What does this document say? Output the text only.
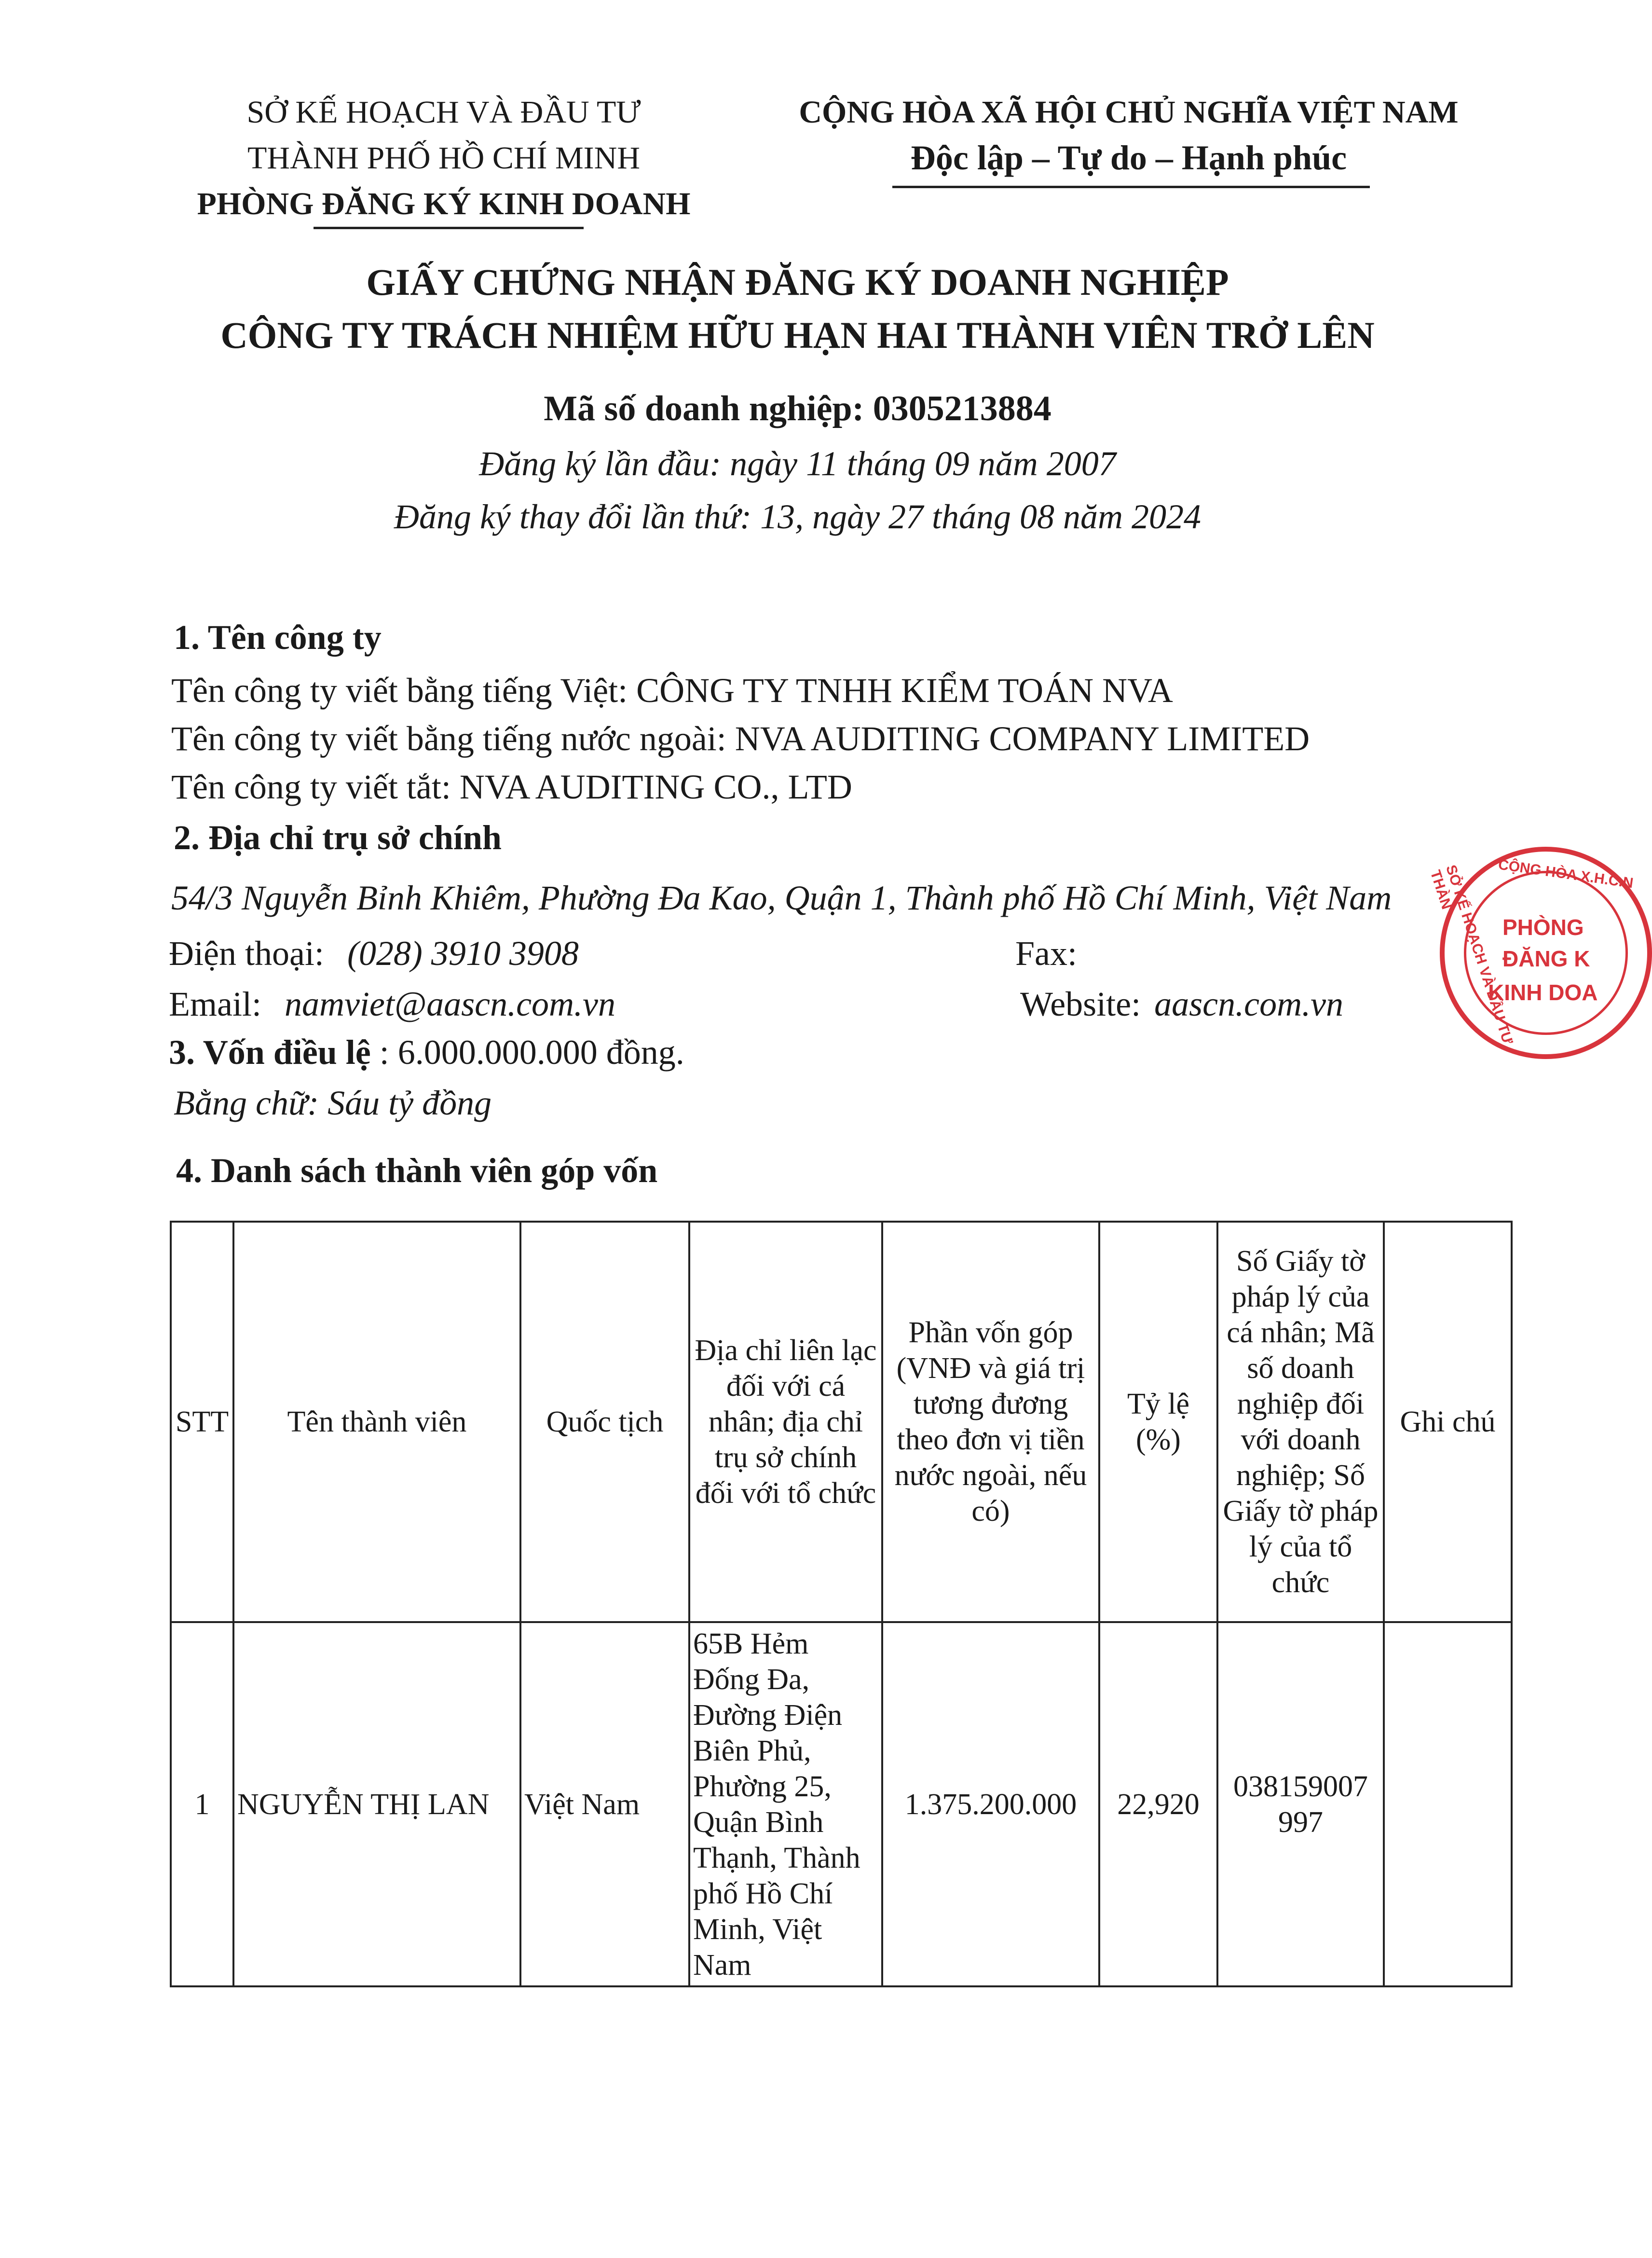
SỞ KẾ HOẠCH VÀ ĐẦU TƯ
THÀNH PHỐ HỒ CHÍ MINH
PHÒNG ĐĂNG KÝ KINH DOANH
CỘNG HÒA XÃ HỘI CHỦ NGHĨA VIỆT NAM
Độc lập – Tự do – Hạnh phúc
GIẤY CHỨNG NHẬN ĐĂNG KÝ DOANH NGHIỆP
CÔNG TY TRÁCH NHIỆM HỮU HẠN HAI THÀNH VIÊN TRỞ LÊN
Mã số doanh nghiệp: 0305213884
Đăng ký lần đầu: ngày 11 tháng 09 năm 2007
Đăng ký thay đổi lần thứ: 13, ngày 27 tháng 08 năm 2024
1. Tên công ty
Tên công ty viết bằng tiếng Việt: CÔNG TY TNHH KIỂM TOÁN NVA
Tên công ty viết bằng tiếng nước ngoài: NVA AUDITING COMPANY LIMITED
Tên công ty viết tắt: NVA AUDITING CO., LTD
2. Địa chỉ trụ sở chính
54/3 Nguyễn Bỉnh Khiêm, Phường Đa Kao, Quận 1, Thành phố Hồ Chí Minh, Việt Nam
Điện thoại: (028) 3910 3908	Fax:
Email: namviet@aascn.com.vn	Website: aascn.com.vn
3. Vốn điều lệ : 6.000.000.000 đồng.
Bằng chữ: Sáu tỷ đồng
4. Danh sách thành viên góp vốn
STT	Tên thành viên	Quốc tịch	Địa chỉ liên lạc đối với cá nhân; địa chỉ trụ sở chính đối với tổ chức	Phần vốn góp (VNĐ và giá trị tương đương theo đơn vị tiền nước ngoài, nếu có)	Tỷ lệ (%)	Số Giấy tờ pháp lý của cá nhân; Mã số doanh nghiệp đối với doanh nghiệp; Số Giấy tờ pháp lý của tổ chức	Ghi chú
1	NGUYỄN THỊ LAN	Việt Nam	65B Hẻm Đống Đa, Đường Điện Biên Phủ, Phường 25, Quận Bình Thạnh, Thành phố Hồ Chí Minh, Việt Nam	1.375.200.000	22,920	038159007 997	
CỘNG HÒA X.H.C.N
SỞ KẾ HOẠCH VÀ ĐẦU TƯ THÀN
PHÒNG
ĐĂNG K
KINH DOA
